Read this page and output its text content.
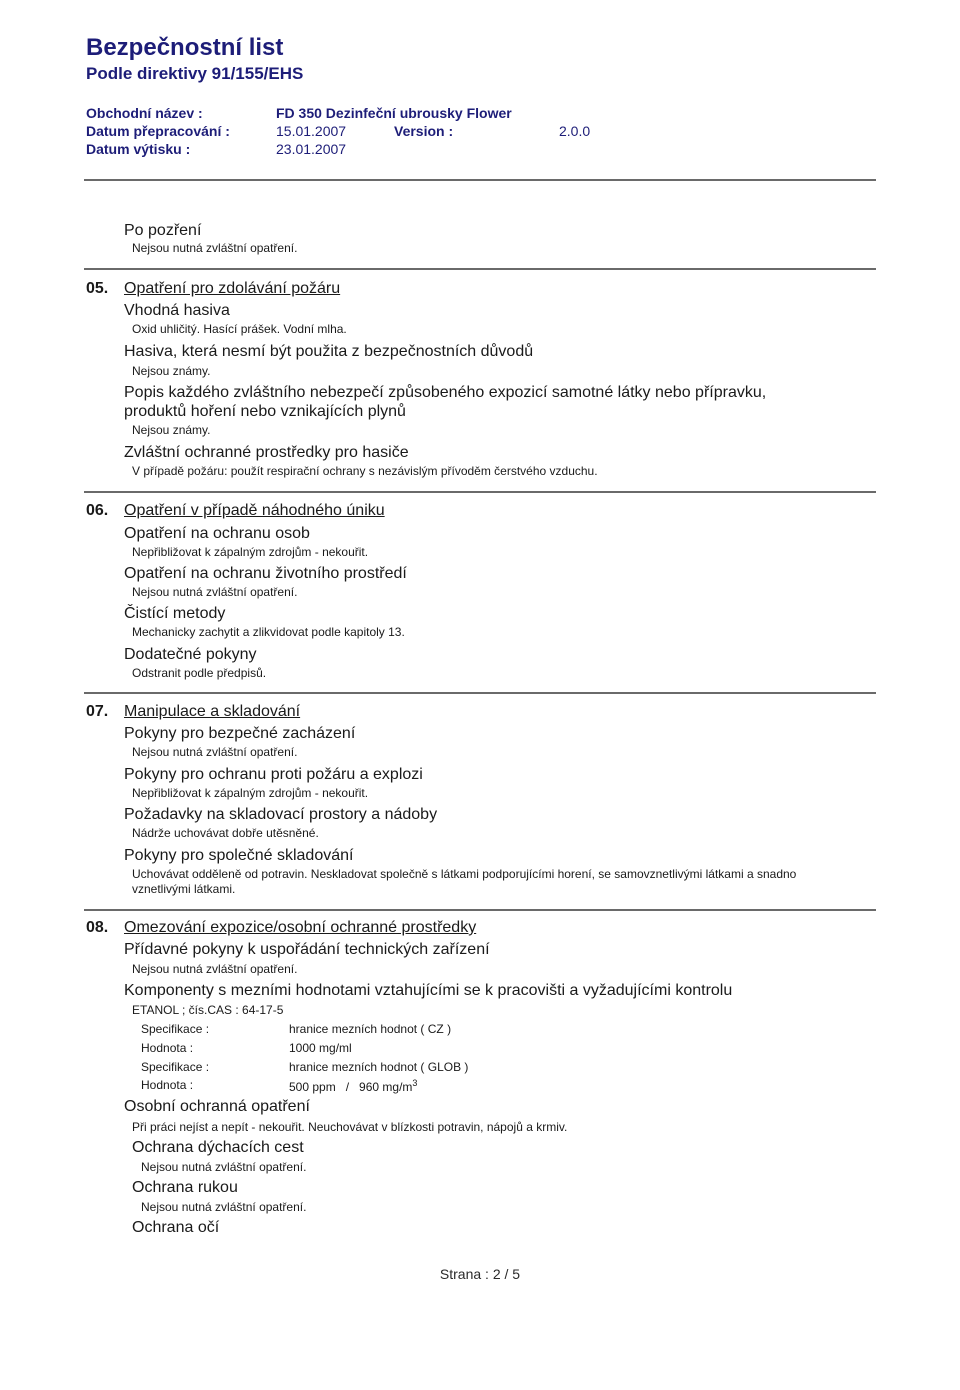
Bezpečnostní list
Podle direktivy 91/155/EHS
Obchodní název :	FD 350 Dezinfeční ubrousky Flower
Datum přepracování :	15.01.2007	Version :	2.0.0
Datum výtisku :	23.01.2007
Po pozření
Nejsou nutná zvláštní opatření.
05. Opatření pro zdolávání požáru
Vhodná hasiva
Oxid uhličitý. Hasící prášek. Vodní mlha.
Hasiva, která nesmí být použita z bezpečnostních důvodů
Nejsou známy.
Popis každého zvláštního nebezpečí způsobeného expozicí samotné látky nebo přípravku,
produktů hoření nebo vznikajících plynů
Nejsou známy.
Zvláštní ochranné prostředky pro hasiče
V případě požáru: použít respirační ochrany s nezávislým přívoděm čerstvého vzduchu.
06. Opatření v případě náhodného úniku
Opatření na ochranu osob
Nepřibližovat k zápalným zdrojům - nekouřit.
Opatření na ochranu životního prostředí
Nejsou nutná zvláštní opatření.
Čistící metody
Mechanicky zachytit a zlikvidovat podle kapitoly 13.
Dodatečné pokyny
Odstranit podle předpisů.
07. Manipulace a skladování
Pokyny pro bezpečné zacházení
Nejsou nutná zvláštní opatření.
Pokyny pro ochranu proti požáru a explozi
Nepřibližovat k zápalným zdrojům - nekouřit.
Požadavky na skladovací prostory a nádoby
Nádrže uchovávat dobře utěsněné.
Pokyny pro společné skladování
Uchovávat odděleně od potravin. Neskladovat společně s látkami podporujícími horení, se samovznetlivými látkami a snadno
vznetlivými látkami.
08. Omezování expozice/osobní ochranné prostředky
Přídavné pokyny k uspořádání technických zařízení
Nejsou nutná zvláštní opatření.
Komponenty s mezními hodnotami vztahujícími se k pracovišti a vyžadujícími kontrolu
ETANOL ; čís.CAS : 64-17-5
Specifikace :	hranice mezních hodnot ( CZ )
Hodnota :	1000 mg/ml
Specifikace :	hranice mezních hodnot ( GLOB )
Hodnota :	500 ppm   /   960 $mg/m^3$
Osobní ochranná opatření
Při práci nejíst a nepít - nekouřit. Neuchovávat v blízkosti potravin, nápojů a krmiv.
Ochrana dýchacích cest
Nejsou nutná zvláštní opatření.
Ochrana rukou
Nejsou nutná zvláštní opatření.
Ochrana očí
Strana : 2 / 5
